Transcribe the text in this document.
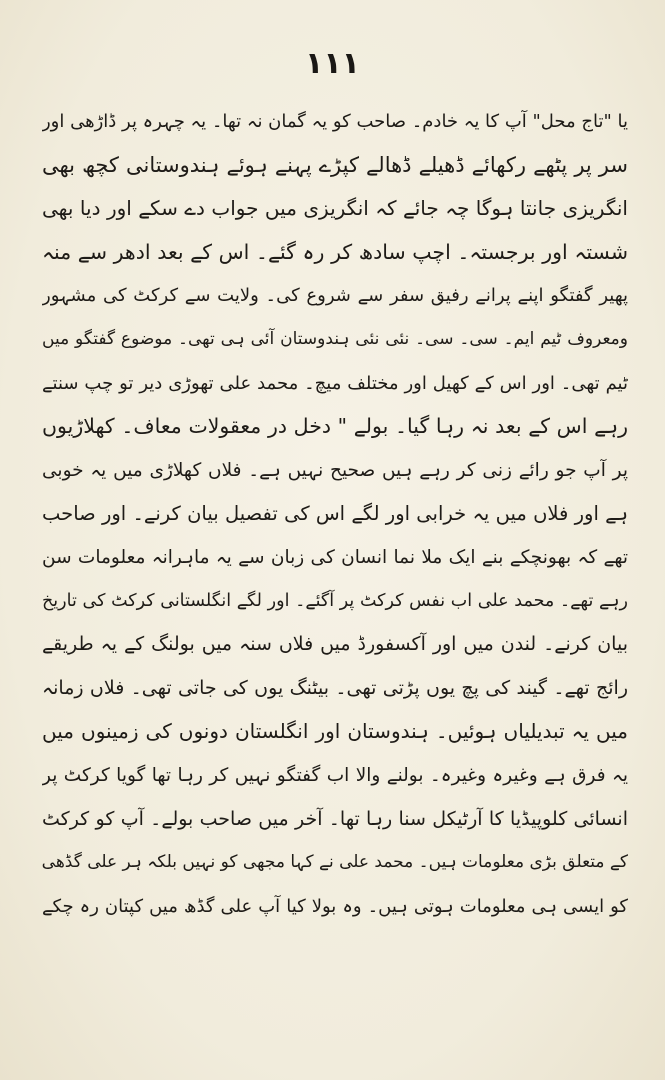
۱۱۱
یا "تاج محل" آپ کا یہ خادم۔ صاحب کو یہ گمان نہ تھا۔ یہ چہرہ پر ڈاڑھی اور
سر پر پٹھے رکھائے ڈھیلے ڈھالے کپڑے پہنے ہوئے ہندوستانی کچھ بھی
انگریزی جانتا ہوگا چہ جائے کہ انگریزی میں جواب دے سکے اور دیا بھی
شستہ اور برجستہ۔ اچپ سادھ کر رہ گئے۔ اس کے بعد ادھر سے منہ
پھیر گفتگو اپنے پرانے رفیق سفر سے شروع کی۔ ولایت سے کرکٹ کی مشہور
ومعروف ٹیم ایم۔ سی۔ سی۔ نئی نئی ہندوستان آئی ہی تھی۔ موضوع گفتگو میں
ٹیم تھی۔ اور اس کے کھیل اور مختلف میچ۔ محمد علی تھوڑی دیر تو چپ سنتے
رہے اس کے بعد نہ رہا گیا۔ بولے " دخل در معقولات معاف۔ کھلاڑیوں
پر آپ جو رائے زنی کر رہے ہیں صحیح نہیں ہے۔ فلاں کھلاڑی میں یہ خوبی
ہے اور فلاں میں یہ خرابی اور لگے اس کی تفصیل بیان کرنے۔ اور صاحب
تھے کہ بھونچکے بنے ایک ملا نما انسان کی زبان سے یہ ماہرانہ معلومات سن
رہے تھے۔ محمد علی اب نفس کرکٹ پر آگئے۔ اور لگے انگلستانی کرکٹ کی تاریخ
بیان کرنے۔ لندن میں اور آکسفورڈ میں فلاں سنہ میں بولنگ کے یہ طریقے
رائج تھے۔ گیند کی پچ یوں پڑتی تھی۔ بیٹنگ یوں کی جاتی تھی۔ فلاں زمانہ
میں یہ تبدیلیاں ہوئیں۔ ہندوستان اور انگلستان دونوں کی زمینوں میں
یہ فرق ہے وغیرہ وغیرہ۔ بولنے والا اب گفتگو نہیں کر رہا تھا گویا کرکٹ پر
انسائی کلوپیڈیا کا آرٹیکل سنا رہا تھا۔ آخر میں صاحب بولے۔ آپ کو کرکٹ
کے متعلق بڑی معلومات ہیں۔ محمد علی نے کہا مجھی کو نہیں بلکہ ہر علی گڈھی
کو ایسی ہی معلومات ہوتی ہیں۔ وہ بولا کیا آپ علی گڈھ میں کپتان رہ چکے
